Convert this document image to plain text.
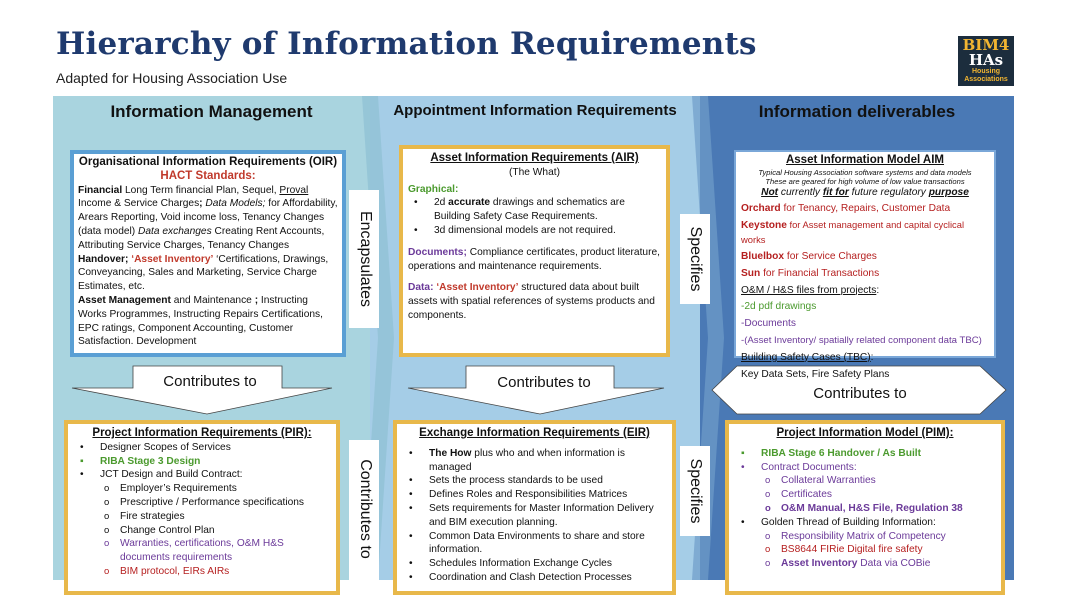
Hierarchy of Information Requirements
Adapted for Housing Association Use
BIM4
HAs
Housing
Associations
Information Management	Appointment Information Requirements	Information deliverables
Encapsulates	Specifies
Contributes to	Specifies
Contributes to	Contributes to
Contributes to
Organisational Information Requirements (OIR)
HACT Standards:
Financial Long Term financial Plan, Sequel, Proval Income & Service Charges; Data Models; for Affordability, Arears Reporting, Void income loss, Tenancy Changes (data model) Data exchanges Creating Rent Accounts, Attributing Service Charges, Tenancy Changes
Handover; ‘Asset Inventory’ ‘Certifications, Drawings, Conveyancing, Sales and Marketing, Service Charge Estimates, etc.
Asset Management and Maintenance ; Instructing Works Programmes, Instructing Repairs Certifications, EPC ratings, Component Accounting, Customer Satisfaction. Development
Asset Information Requirements (AIR)
(The What)
Graphical:
• 2d accurate drawings and schematics are Building Safety Case Requirements.
• 3d dimensional models are not required.
Documents; Compliance certificates, product literature, operations and maintenance requirements.
Data: ‘Asset Inventory’ structured data about built assets with spatial references of systems products and components.
Asset Information Model AIM
Typical Housing Association software systems and data models
These are geared for high volume of low value transactions
Not currently fit for future regulatory purpose
Orchard for Tenancy, Repairs, Customer Data
Keystone for Asset management and capital cyclical works
Bluelbox for Service Charges
Sun for Financial Transactions
O&M / H&S files from projects:
-2d pdf drawings
-Documents
-(Asset Inventory/ spatially related component data TBC)
Building Safety Cases (TBC):
Key Data Sets, Fire Safety Plans
Project Information Requirements (PIR):
• Designer Scopes of Services
▪ RIBA Stage 3 Design
• JCT Design and Build Contract:
o Employer’s Requirements
o Prescriptive / Performance specifications
o Fire strategies
o Change Control Plan
o Warranties, certifications, O&M H&S documents requirements
o BIM protocol, EIRs AIRs
Exchange Information Requirements (EIR)
• The How plus who and when information is managed
• Sets the process standards to be used
• Defines Roles and Responsibilities Matrices
• Sets requirements for Master Information Delivery and BIM execution planning.
• Common Data Environments to share and store information.
• Schedules Information Exchange Cycles
• Coordination and Clash Detection Processes
Project Information Model (PIM):
▪ RIBA Stage 6 Handover / As Built
• Contract Documents:
o Collateral Warranties
o Certificates
o O&M Manual, H&S File, Regulation 38
• Golden Thread of Building Information:
o Responsibility Matrix of Competency
o BS8644 FIRie Digital fire safety
o Asset Inventory Data via COBie
